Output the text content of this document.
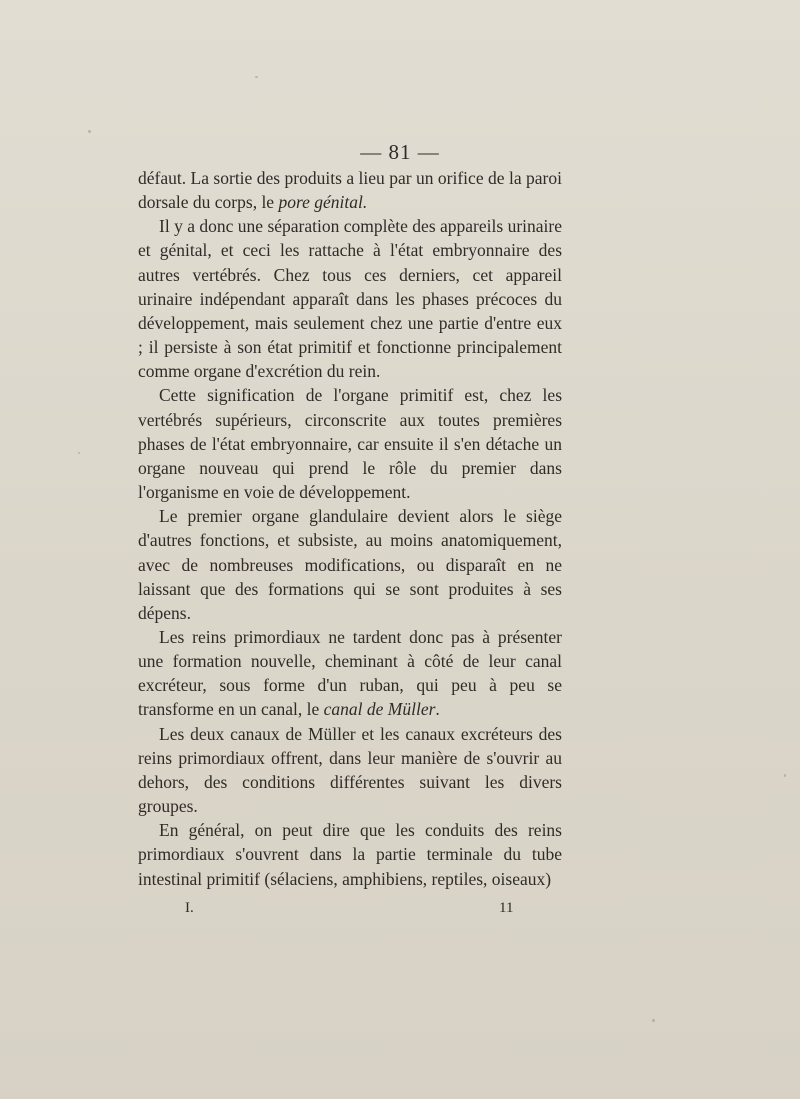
— 81 —

défaut. La sortie des produits a lieu par un orifice de la paroi dorsale du corps, le pore génital.

Il y a donc une séparation complète des appareils urinaire et génital, et ceci les rattache à l'état embryonnaire des autres vertébrés. Chez tous ces derniers, cet appareil urinaire indépendant apparaît dans les phases précoces du développement, mais seulement chez une partie d'entre eux ; il persiste à son état primitif et fonctionne principalement comme organe d'excrétion du rein.

Cette signification de l'organe primitif est, chez les vertébrés supérieurs, circonscrite aux toutes premières phases de l'état embryonnaire, car ensuite il s'en détache un organe nouveau qui prend le rôle du premier dans l'organisme en voie de développement.

Le premier organe glandulaire devient alors le siège d'autres fonctions, et subsiste, au moins anatomiquement, avec de nombreuses modifications, ou disparaît en ne laissant que des formations qui se sont produites à ses dépens.

Les reins primordiaux ne tardent donc pas à présenter une formation nouvelle, cheminant à côté de leur canal excréteur, sous forme d'un ruban, qui peu à peu se transforme en un canal, le canal de Müller.

Les deux canaux de Müller et les canaux excréteurs des reins primordiaux offrent, dans leur manière de s'ouvrir au dehors, des conditions différentes suivant les divers groupes.

En général, on peut dire que les conduits des reins primordiaux s'ouvrent dans la partie terminale du tube intestinal primitif (sélaciens, amphibiens, reptiles, oiseaux)

I.	11
